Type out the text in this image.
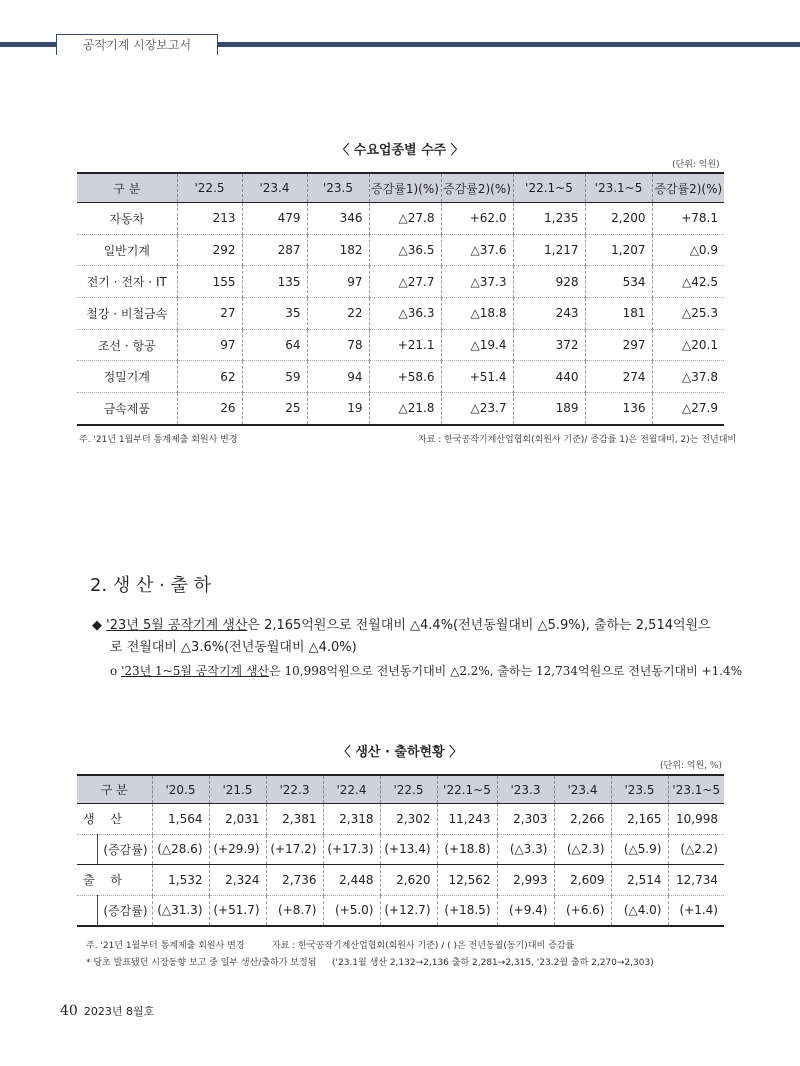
공작기계 시장보고서
〈 수요업종별 수주 〉
(단위: 억원)
구 분	'22.5	'23.4	'23.5	증감률1)(%)	증감률2)(%)	'22.1~5	'23.1~5	증감률2)(%)
자동차	213	479	346	△27.8	+62.0	1,235	2,200	+78.1
일반기계	292	287	182	△36.5	△37.6	1,217	1,207	△0.9
전기 · 전자 · IT	155	135	97	△27.7	△37.3	928	534	△42.5
철강 · 비철금속	27	35	22	△36.3	△18.8	243	181	△25.3
조선 · 항공	97	64	78	+21.1	△19.4	372	297	△20.1
정밀기계	62	59	94	+58.6	+51.4	440	274	△37.8
금속제품	26	25	19	△21.8	△23.7	189	136	△27.9
주. '21년 1월부터 통계제출 회원사 변경	자료 : 한국공작기계산업협회(회원사 기준)/ 증감률 1)은 전월대비, 2)는 전년대비
2. 생 산 · 출 하
◆ '23년 5월 공작기계 생산은 2,165억원으로 전월대비 △4.4%(전년동월대비 △5.9%), 출하는 2,514억원으
로 전월대비 △3.6%(전년동월대비 △4.0%)
o '23년 1~5월 공작기계 생산은 10,998억원으로 전년동기대비 △2.2%, 출하는 12,734억원으로 전년동기대비 +1.4%
〈 생산 · 출하현황 〉
(단위: 억원, %)
구 분		'20.5	'21.5	'22.3	'22.4	'22.5	'22.1~5	'23.3	'23.4	'23.5	'23.1~5
생 산		1,564	2,031	2,381	2,318	2,302	11,243	2,303	2,266	2,165	10,998
	(증감률)	(△28.6)	(+29.9)	(+17.2)	(+17.3)	(+13.4)	(+18.8)	(△3.3)	(△2.3)	(△5.9)	(△2.2)
출 하		1,532	2,324	2,736	2,448	2,620	12,562	2,993	2,609	2,514	12,734
	(증감률)	(△31.3)	(+51.7)	(+8.7)	(+5.0)	(+12.7)	(+18.5)	(+9.4)	(+6.6)	(△4.0)	(+1.4)
주. '21년 1월부터 통계제출 회원사 변경	자료 : 한국공작기계산업협회(회원사 기준) / ( )은 전년동월(동기)대비 증감률
* 당초 발표됐던 시장동향 보고 중 일부 생산/출하가 보정됨 ('23.1월 생산 2,132→2,136 출하 2,281→2,315, '23.2월 출하 2,270→2,303)
40 2023년 8월호
